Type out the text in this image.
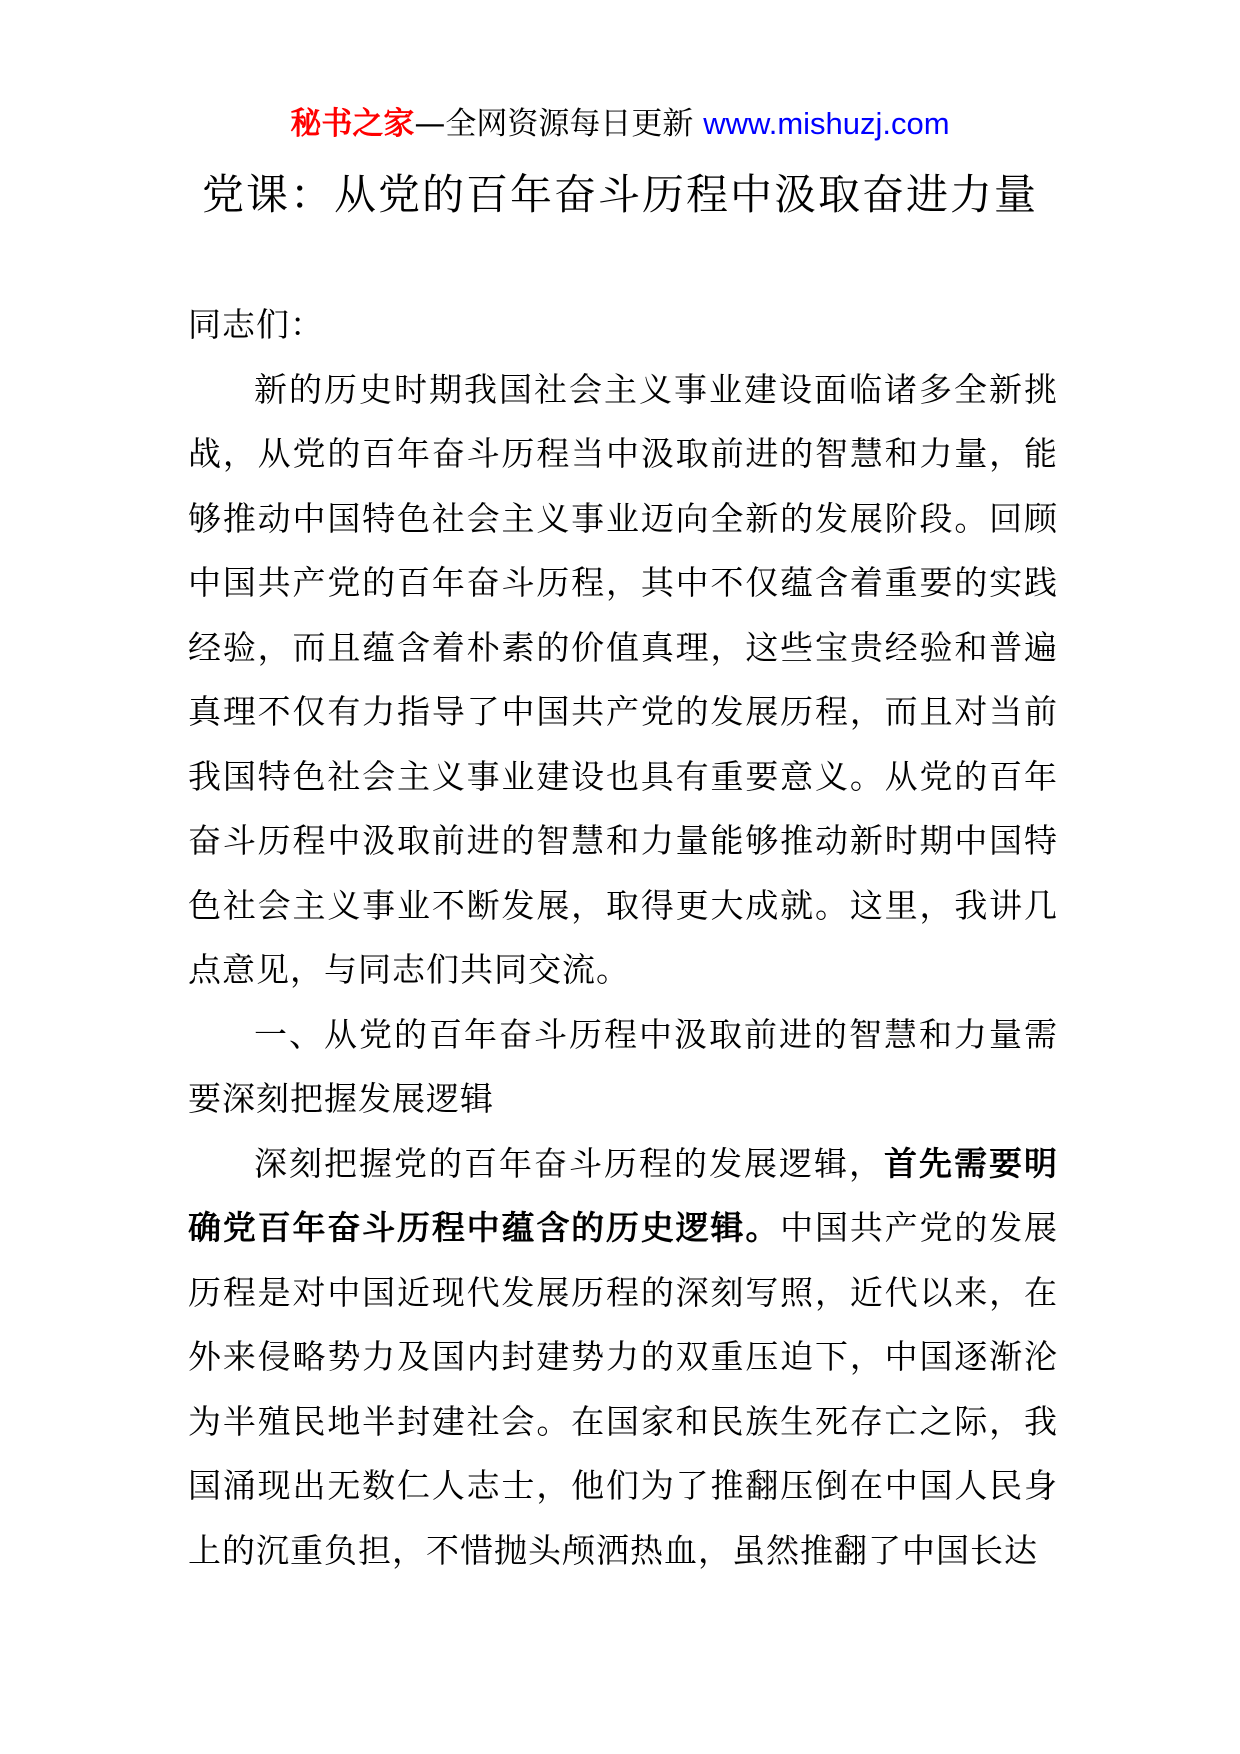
秘书之家—全网资源每日更新 www.mishuzj.com
党课：从党的百年奋斗历程中汲取奋进力量

同志们：

新的历史时期我国社会主义事业建设面临诸多全新挑战，从党的百年奋斗历程当中汲取前进的智慧和力量，能够推动中国特色社会主义事业迈向全新的发展阶段。回顾中国共产党的百年奋斗历程，其中不仅蕴含着重要的实践经验，而且蕴含着朴素的价值真理，这些宝贵经验和普遍真理不仅有力指导了中国共产党的发展历程，而且对当前我国特色社会主义事业建设也具有重要意义。从党的百年奋斗历程中汲取前进的智慧和力量能够推动新时期中国特色社会主义事业不断发展，取得更大成就。这里，我讲几点意见，与同志们共同交流。

一、从党的百年奋斗历程中汲取前进的智慧和力量需要深刻把握发展逻辑

深刻把握党的百年奋斗历程的发展逻辑，首先需要明确党百年奋斗历程中蕴含的历史逻辑。中国共产党的发展历程是对中国近现代发展历程的深刻写照，近代以来，在外来侵略势力及国内封建势力的双重压迫下，中国逐渐沦为半殖民地半封建社会。在国家和民族生死存亡之际，我国涌现出无数仁人志士，他们为了推翻压倒在中国人民身上的沉重负担，不惜抛头颅洒热血，虽然推翻了中国长达
